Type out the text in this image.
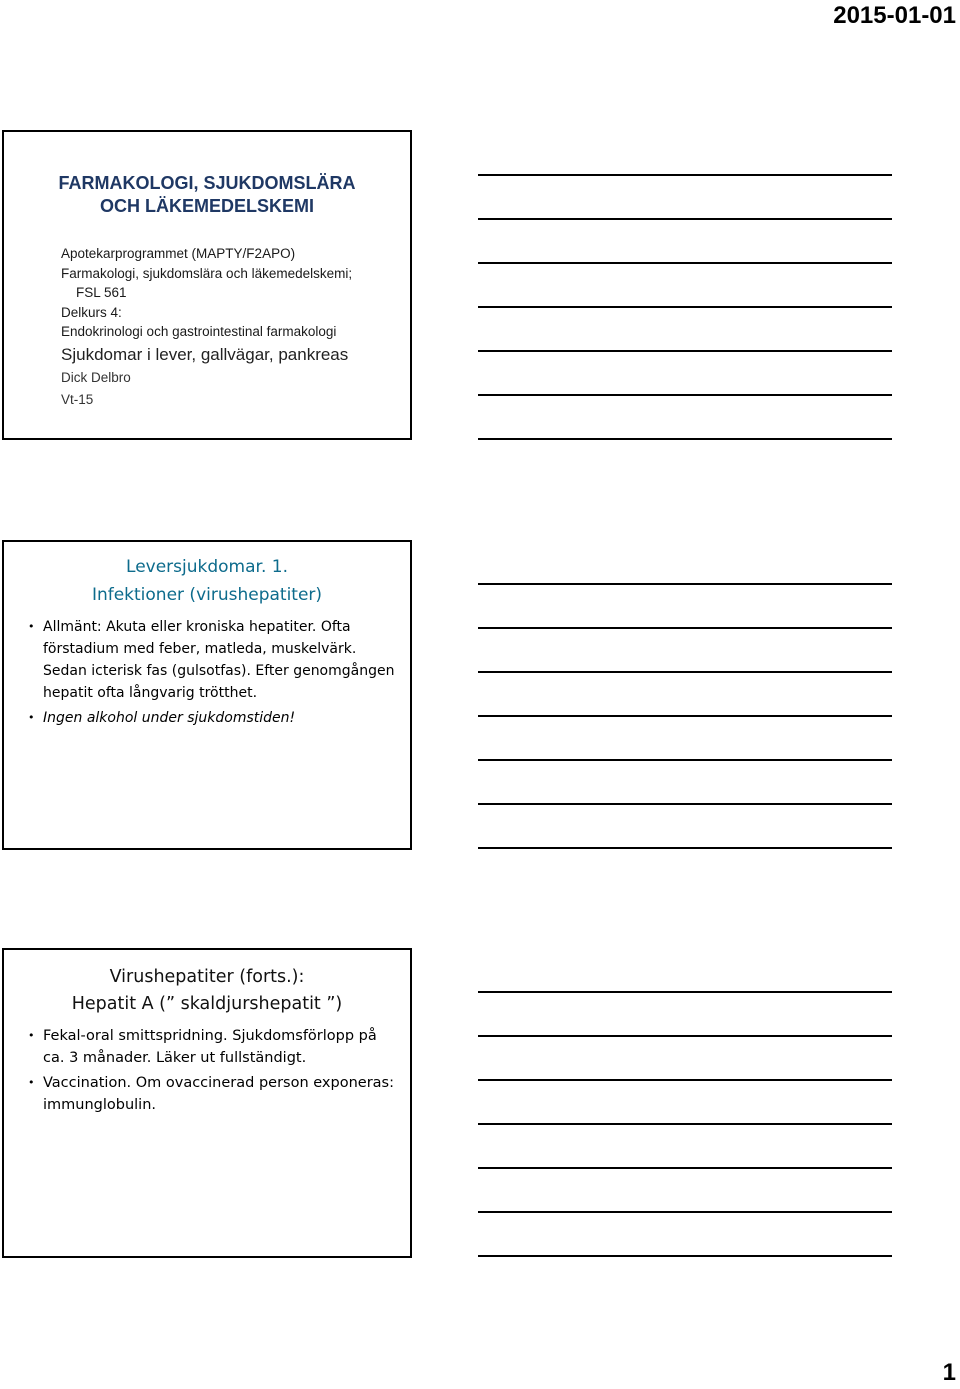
2015-01-01
FARMAKOLOGI, SJUKDOMSLÄRA
OCH LÄKEMEDELSKEMI
Apotekarprogrammet (MAPTY/F2APO)
Farmakologi, sjukdomslära och läkemedelskemi;
FSL 561
Delkurs 4:
Endokrinologi och gastrointestinal farmakologi
Sjukdomar i lever, gallvägar, pankreas
Dick Delbro
Vt-15
Leversjukdomar. 1.
Infektioner (virushepatiter)
• Allmänt: Akuta eller kroniska hepatiter. Ofta förstadium med feber, matleda, muskelvärk. Sedan icterisk fas (gulsotfas). Efter genomgången hepatit ofta långvarig trötthet.
• Ingen alkohol under sjukdomstiden!
Virushepatiter (forts.):
Hepatit A (” skaldjurshepatit ”)
• Fekal-oral smittspridning. Sjukdomsförlopp på ca. 3 månader. Läker ut fullständigt.
• Vaccination. Om ovaccinerad person exponeras: immunglobulin.
1
